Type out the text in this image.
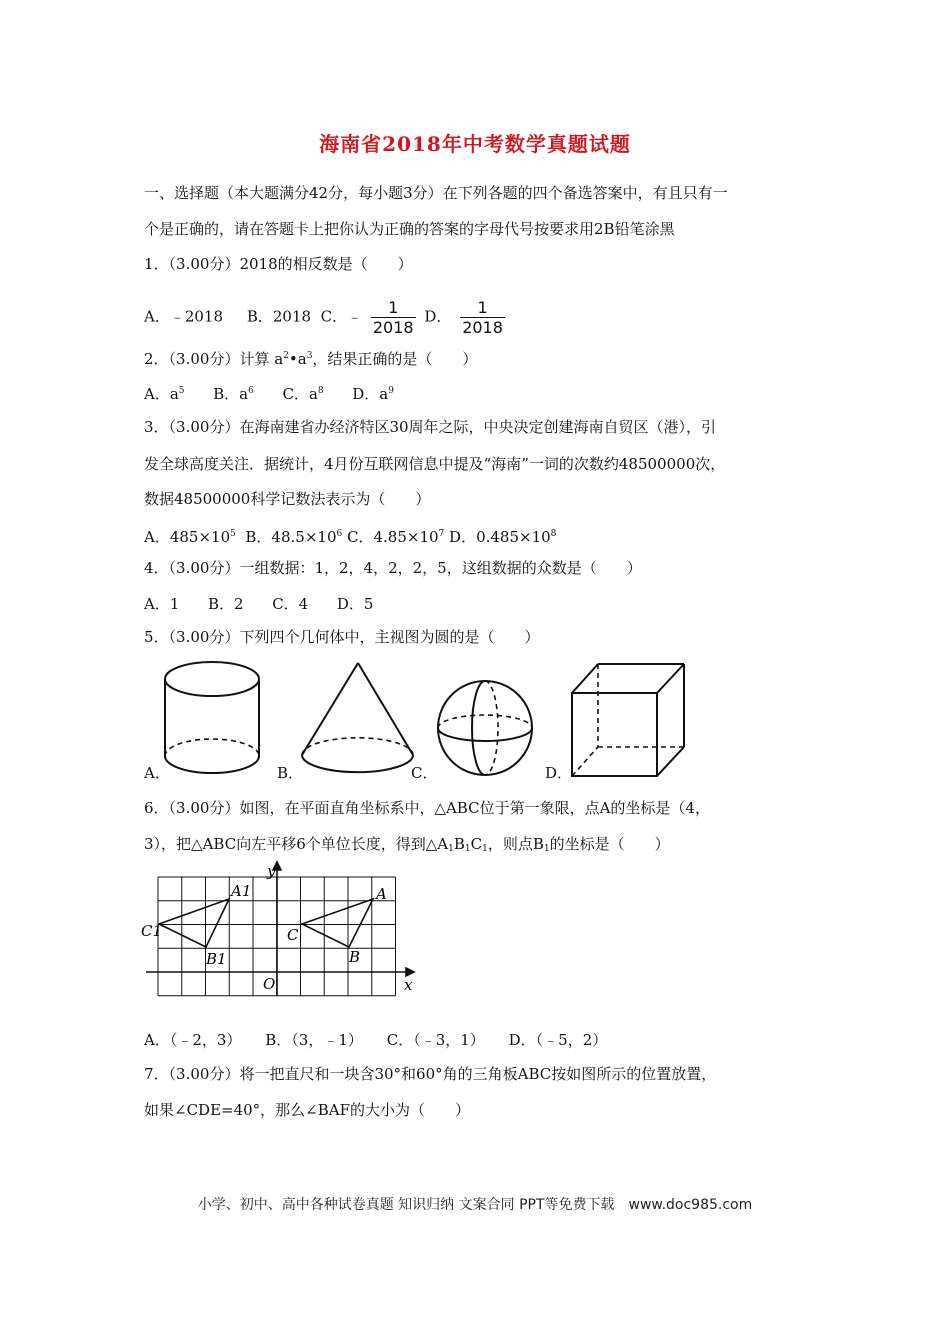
海南省2018年中考数学真题试题
一、选择题（本大题满分42分，每小题3分）在下列各题的四个备选答案中，有且只有一
个是正确的，请在答题卡上把你认为正确的答案的字母代号按要求用2B铅笔涂黑
1．（3.00分）2018的相反数是（　　）
A．﹣2018 B．2018 C．﹣ $\frac{1}{2018}$ D． $\frac{1}{2018}$
2．（3.00分）计算 $a^2•a^3$，结果正确的是（　　）
A．$a^5$ B．$a^6$ C．$a^8$ D．$a^9$
3．（3.00分）在海南建省办经济特区30周年之际，中央决定创建海南自贸区（港），引
发全球高度关注．据统计，4月份互联网信息中提及“海南”一词的次数约48500000次，
数据48500000科学记数法表示为（　　）
A．$485\times 10^5$ B．$48.5\times 10^6$ C．$4.85\times 10^7$ D．$0.485\times 10^8$
4．（3.00分）一组数据：1，2，4，2，2，5，这组数据的众数是（　　）
A．1 B．2 C．4 D．5
5．（3.00分）下列四个几何体中，主视图为圆的是（　　）
A．	B．	C．	D．
6．（3.00分）如图，在平面直角坐标系中，△ABC位于第一象限，点A的坐标是（4，
3），把△ABC向左平移6个单位长度，得到$\triangle A_1B_1C_1$，则点$B_1$的坐标是（　　）
y
x
O
A
B
C
A1
B1
C1
A．（﹣2，3） B．（3，﹣1） C．（﹣3，1） D．（﹣5，2）
7．（3.00分）将一把直尺和一块含30°和60°角的三角板ABC按如图所示的位置放置，
如果∠CDE=40°，那么∠BAF的大小为（　　）
小学、初中、高中各种试卷真题 知识归纳 文案合同 PPT等免费下载　www.doc985.com
